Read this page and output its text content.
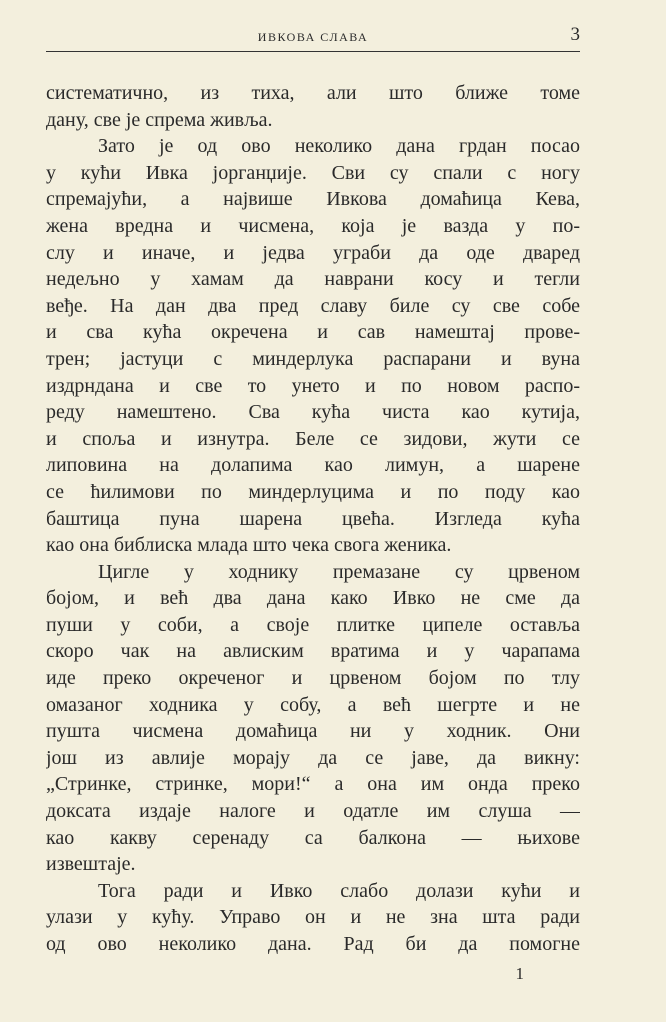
ИВКОВА СЛАВА	3
систематично, из тиха, али што ближе томе
дану, све је спрема живља.
Зато је од ово неколико дана грдан посао
у кући Ивка јорганџије. Сви су спали с ногу
спремајући, а највише Ивкова домаћица Кева,
жена вредна и чисмена, која је вазда у по-
слу и иначе, и једва уграби да оде дваред
недељно у хамам да наврани косу и тегли
веђе. На дан два пред славу биле су све собе
и сва кућа окречена и сав намештај прове-
трен; јастуци с миндерлука распарани и вуна
издрндана и све то унето и по новом распо-
реду намештено. Сва кућа чиста као кутија,
и споља и изнутра. Беле се зидови, жути се
липовина на долапима као лимун, а шарене
се ћилимови по миндерлуцима и по поду као
баштица пуна шарена цвећа. Изгледа кућа
као она библиска млада што чека свога женика.
Цигле у ходнику премазане су црвеном
бојом, и већ два дана како Ивко не сме да
пуши у соби, а своје плитке ципеле оставља
скоро чак на авлиским вратима и у чарапама
иде преко окреченог и црвеном бојом по тлу
омазаног ходника у собу, а већ шегрте и не
пушта чисмена домаћица ни у ходник. Они
још из авлије морају да се јаве, да викну:
„Стринке, стринке, мори!“ а она им онда преко
доксата издаје налоге и одатле им слуша —
као какву серенаду са балкона — њихове
извештаје.
Тога ради и Ивко слабо долази кући и
улази у кућу. Управо он и не зна шта ради
од ово неколико дана. Рад би да помогне
1
